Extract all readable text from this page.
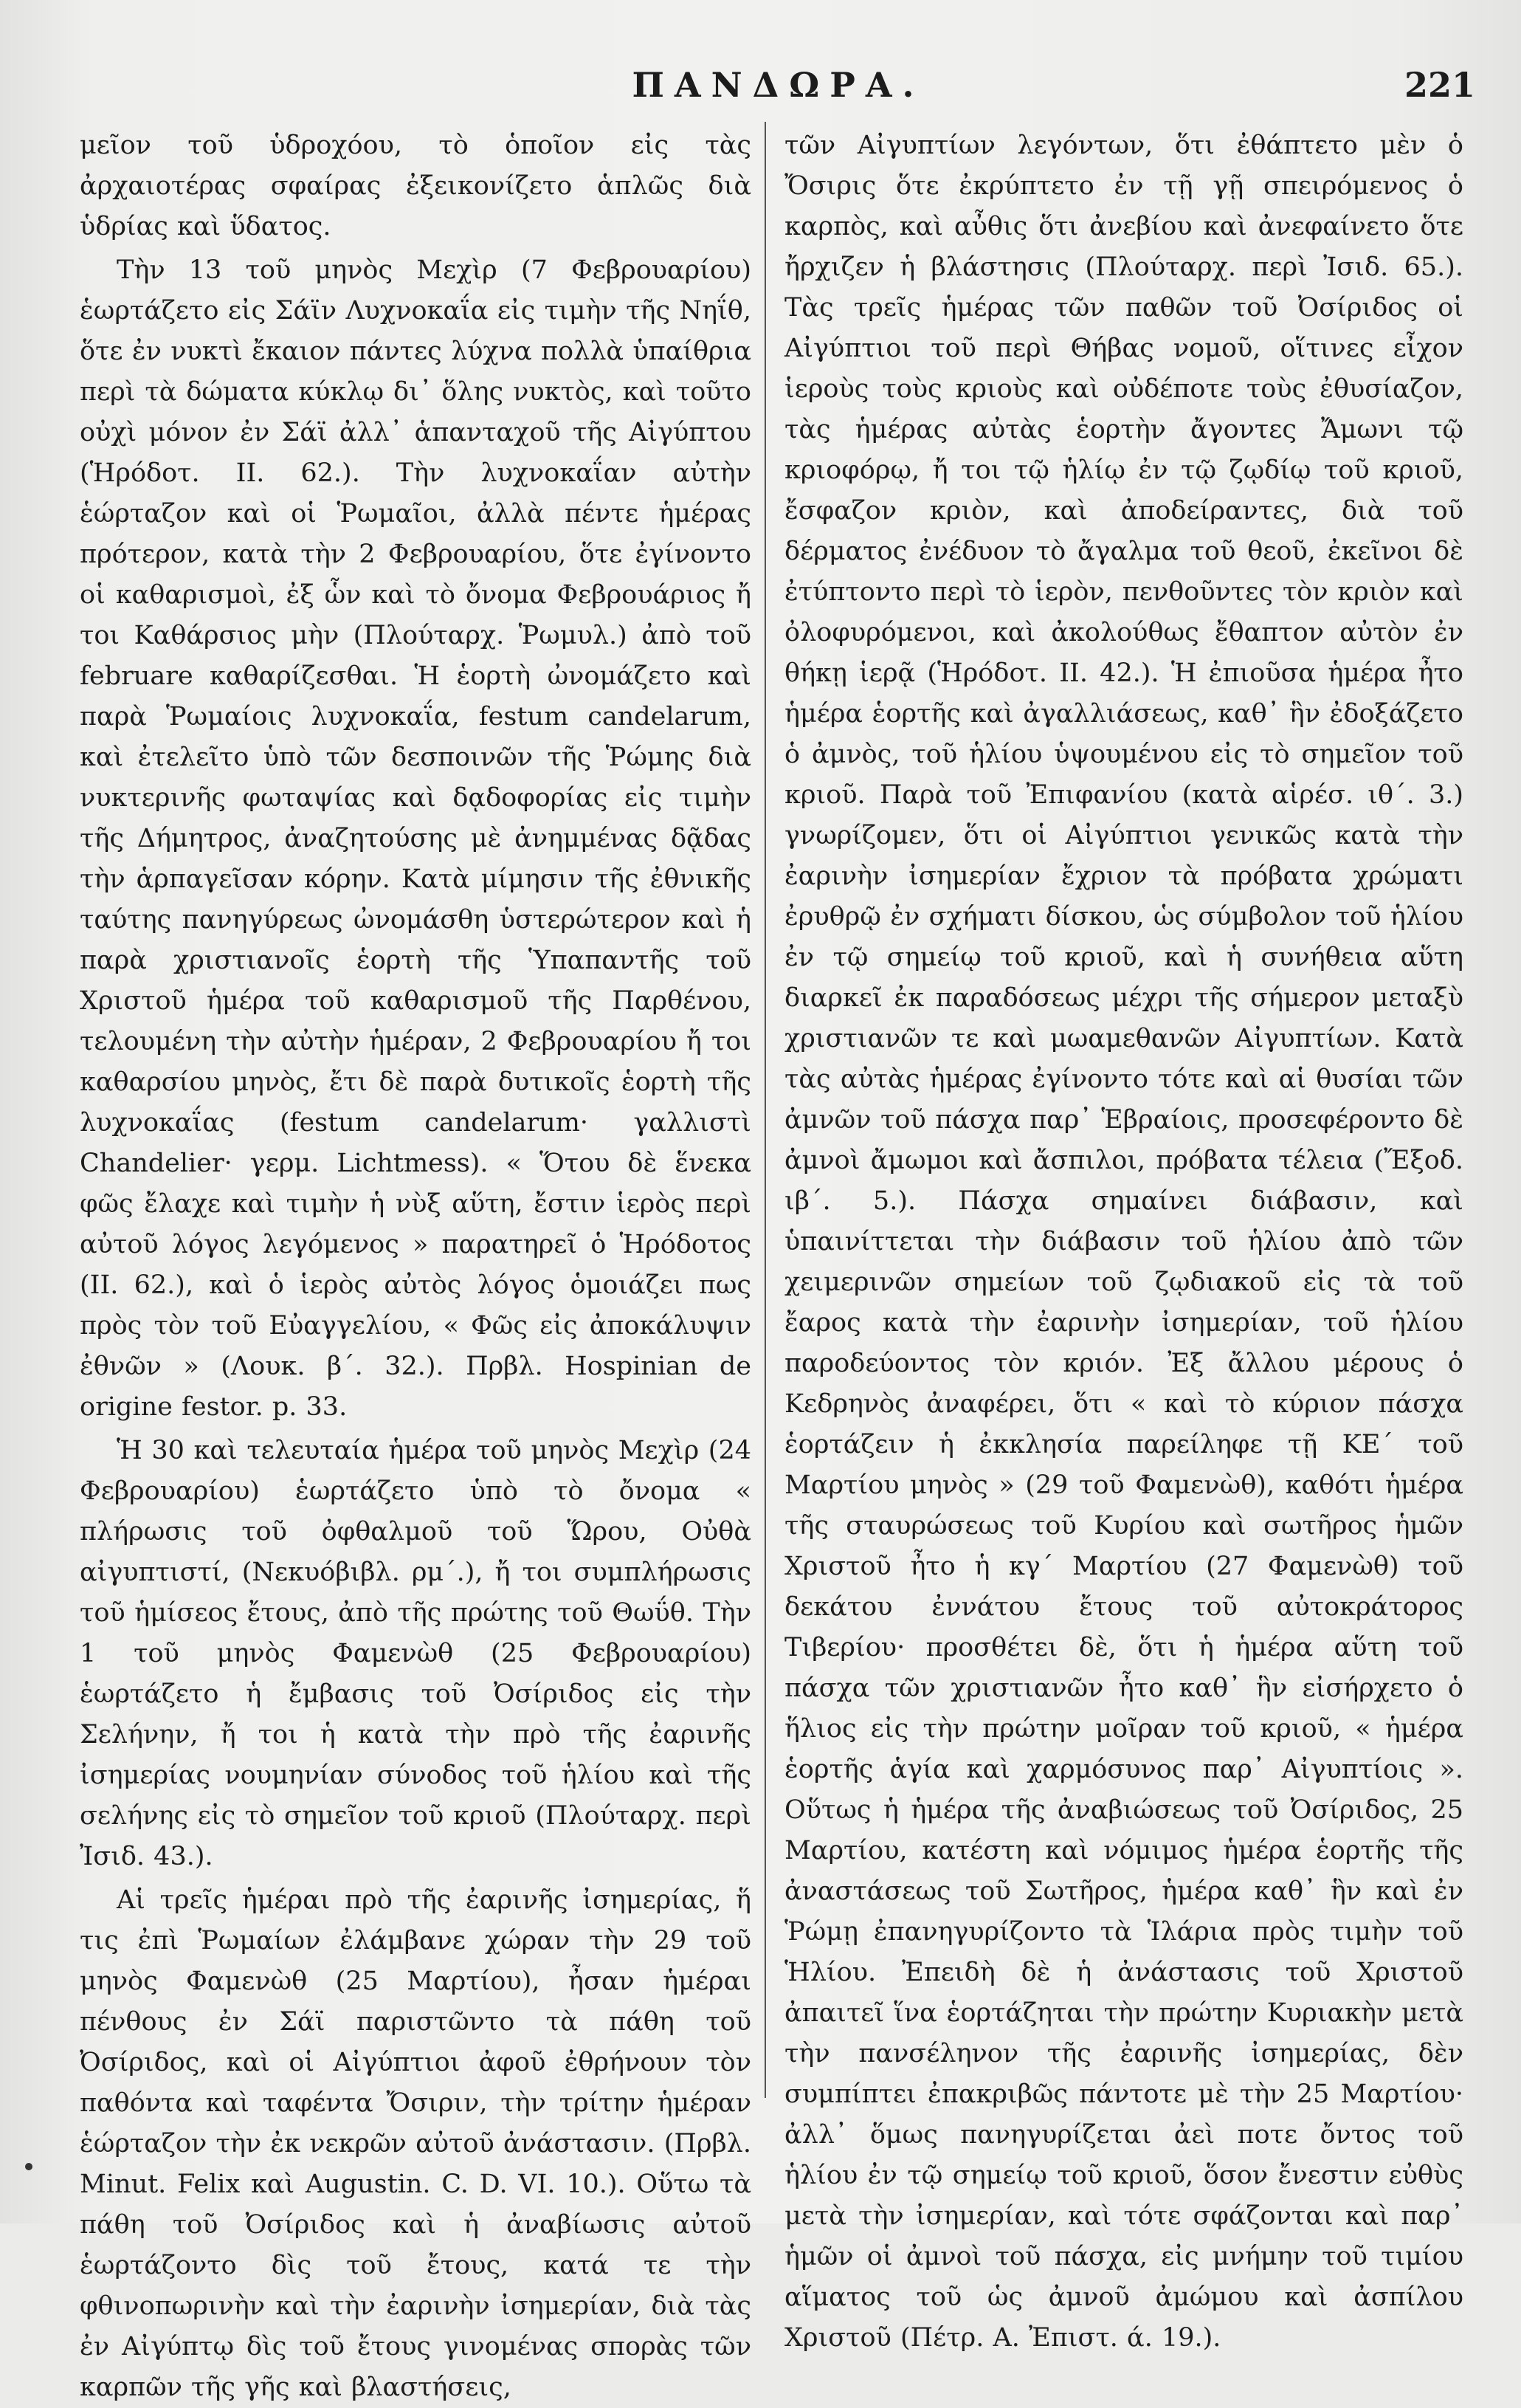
ΠΑΝΔΩΡΑ.	221

μεῖον τοῦ ὑδροχόου, τὸ ὁποῖον εἰς τὰς ἀρχαιοτέρας σφαίρας ἐξεικονίζετο ἁπλῶς διὰ ὑδρίας καὶ ὕδατος.

Τὴν 13 τοῦ μηνὸς Μεχὶρ (7 Φεβρουαρίου) ἑωρτάζετο εἰς Σάϊν Λυχνοκαΐα εἰς τιμὴν τῆς Νηΐθ, ὅτε ἐν νυκτὶ ἔκαιον πάντες λύχνα πολλὰ ὑπαίθρια περὶ τὰ δώματα κύκλῳ δι᾽ ὅλης νυκτὸς, καὶ τοῦτο οὐχὶ μόνον ἐν Σάϊ ἀλλ᾽ ἁπανταχοῦ τῆς Αἰγύπτου (Ἡρόδοτ. II. 62.). Τὴν λυχνοκαΐαν αὐτὴν ἑώρταζον καὶ οἱ Ῥωμαῖοι, ἀλλὰ πέντε ἡμέρας πρότερον, κατὰ τὴν 2 Φεβρουαρίου, ὅτε ἐγίνοντο οἱ καθαρισμοὶ, ἐξ ὧν καὶ τὸ ὄνομα Φεβρουάριος ἤ τοι Καθάρσιος μὴν (Πλούταρχ. Ῥωμυλ.) ἀπὸ τοῦ februare καθαρίζεσθαι. Ἡ ἑορτὴ ὠνομάζετο καὶ παρὰ Ῥωμαίοις λυχνοκαΐα, festum candelarum, καὶ ἐτελεῖτο ὑπὸ τῶν δεσποινῶν τῆς Ῥώμης διὰ νυκτερινῆς φωταψίας καὶ δᾳδοφορίας εἰς τιμὴν τῆς Δήμητρος, ἀναζητούσης μὲ ἀνημμένας δᾷδας τὴν ἁρπαγεῖσαν κόρην. Κατὰ μίμησιν τῆς ἐθνικῆς ταύτης πανηγύρεως ὠνομάσθη ὑστερώτερον καὶ ἡ παρὰ χριστιανοῖς ἑορτὴ τῆς Ὑπαπαντῆς τοῦ Χριστοῦ ἡμέρα τοῦ καθαρισμοῦ τῆς Παρθένου, τελουμένη τὴν αὐτὴν ἡμέραν, 2 Φεβρουαρίου ἤ τοι καθαρσίου μηνὸς, ἔτι δὲ παρὰ δυτικοῖς ἑορτὴ τῆς λυχνοκαΐας (festum candelarum· γαλλιστὶ Chandelier· γερμ. Lichtmess). « Ὅτου δὲ ἕνεκα φῶς ἔλαχε καὶ τιμὴν ἡ νὺξ αὕτη, ἔστιν ἱερὸς περὶ αὐτοῦ λόγος λεγόμενος » παρατηρεῖ ὁ Ἡρόδοτος (II. 62.), καὶ ὁ ἱερὸς αὐτὸς λόγος ὁμοιάζει πως πρὸς τὸν τοῦ Εὐαγγελίου, « Φῶς εἰς ἀποκάλυψιν ἐθνῶν » (Λουκ. β΄. 32.). Πρβλ. Hospinian de origine festor. p. 33.

Ἡ 30 καὶ τελευταία ἡμέρα τοῦ μηνὸς Μεχὶρ (24 Φεβρουαρίου) ἑωρτάζετο ὑπὸ τὸ ὄνομα « πλήρωσις τοῦ ὀφθαλμοῦ τοῦ Ὥρου, Οὐθὰ αἰγυπτιστί, (Νεκυόβιβλ. ρμ΄.), ἤ τοι συμπλήρωσις τοῦ ἡμίσεος ἔτους, ἀπὸ τῆς πρώτης τοῦ Θωΰθ. Τὴν 1 τοῦ μηνὸς Φαμενὼθ (25 Φεβρουαρίου) ἑωρτάζετο ἡ ἔμβασις τοῦ Ὀσίριδος εἰς τὴν Σελήνην, ἤ τοι ἡ κατὰ τὴν πρὸ τῆς ἐαρινῆς ἰσημερίας νουμηνίαν σύνοδος τοῦ ἡλίου καὶ τῆς σελήνης εἰς τὸ σημεῖον τοῦ κριοῦ (Πλούταρχ. περὶ Ἰσιδ. 43.).

Αἱ τρεῖς ἡμέραι πρὸ τῆς ἐαρινῆς ἰσημερίας, ἥ τις ἐπὶ Ῥωμαίων ἐλάμβανε χώραν τὴν 29 τοῦ μηνὸς Φαμενὼθ (25 Μαρτίου), ἦσαν ἡμέραι πένθους ἐν Σάϊ παριστῶντο τὰ πάθη τοῦ Ὀσίριδος, καὶ οἱ Αἰγύπτιοι ἀφοῦ ἐθρήνουν τὸν παθόντα καὶ ταφέντα Ὄσιριν, τὴν τρίτην ἡμέραν ἑώρταζον τὴν ἐκ νεκρῶν αὐτοῦ ἀνάστασιν. (Πρβλ. Minut. Felix καὶ Augustin. C. D. VI. 10.). Οὕτω τὰ πάθη τοῦ Ὀσίριδος καὶ ἡ ἀναβίωσις αὐτοῦ ἑωρτάζοντο δὶς τοῦ ἔτους, κατά τε τὴν φθινοπωρινὴν καὶ τὴν ἐαρινὴν ἰσημερίαν, διὰ τὰς ἐν Αἰγύπτῳ δὶς τοῦ ἔτους γινομένας σπορὰς τῶν καρπῶν τῆς γῆς καὶ βλαστήσεις,

τῶν Αἰγυπτίων λεγόντων, ὅτι ἐθάπτετο μὲν ὁ Ὄσιρις ὅτε ἐκρύπτετο ἐν τῇ γῇ σπειρόμενος ὁ καρπὸς, καὶ αὖθις ὅτι ἀνεβίου καὶ ἀνεφαίνετο ὅτε ἤρχιζεν ἡ βλάστησις (Πλούταρχ. περὶ Ἰσιδ. 65.). Τὰς τρεῖς ἡμέρας τῶν παθῶν τοῦ Ὀσίριδος οἱ Αἰγύπτιοι τοῦ περὶ Θήβας νομοῦ, οἵτινες εἶχον ἱεροὺς τοὺς κριοὺς καὶ οὐδέποτε τοὺς ἐθυσίαζον, τὰς ἡμέρας αὐτὰς ἑορτὴν ἄγοντες Ἄμωνι τῷ κριοφόρῳ, ἤ τοι τῷ ἡλίῳ ἐν τῷ ζῳδίῳ τοῦ κριοῦ, ἔσφαζον κριὸν, καὶ ἀποδείραντες, διὰ τοῦ δέρματος ἐνέδυον τὸ ἄγαλμα τοῦ θεοῦ, ἐκεῖνοι δὲ ἐτύπτοντο περὶ τὸ ἱερὸν, πενθοῦντες τὸν κριὸν καὶ ὀλοφυρόμενοι, καὶ ἀκολούθως ἔθαπτον αὐτὸν ἐν θήκῃ ἱερᾷ (Ἡρόδοτ. II. 42.). Ἡ ἐπιοῦσα ἡμέρα ἦτο ἡμέρα ἑορτῆς καὶ ἀγαλλιάσεως, καθ᾽ ἣν ἐδοξάζετο ὁ ἀμνὸς, τοῦ ἡλίου ὑψουμένου εἰς τὸ σημεῖον τοῦ κριοῦ. Παρὰ τοῦ Ἐπιφανίου (κατὰ αἱρέσ. ιθ΄. 3.) γνωρίζομεν, ὅτι οἱ Αἰγύπτιοι γενικῶς κατὰ τὴν ἐαρινὴν ἰσημερίαν ἔχριον τὰ πρόβατα χρώματι ἐρυθρῷ ἐν σχήματι δίσκου, ὡς σύμβολον τοῦ ἡλίου ἐν τῷ σημείῳ τοῦ κριοῦ, καὶ ἡ συνήθεια αὕτη διαρκεῖ ἐκ παραδόσεως μέχρι τῆς σήμερον μεταξὺ χριστιανῶν τε καὶ μωαμεθανῶν Αἰγυπτίων. Κατὰ τὰς αὐτὰς ἡμέρας ἐγίνοντο τότε καὶ αἱ θυσίαι τῶν ἀμνῶν τοῦ πάσχα παρ᾽ Ἑβραίοις, προσεφέροντο δὲ ἀμνοὶ ἄμωμοι καὶ ἄσπιλοι, πρόβατα τέλεια (Ἔξοδ. ιβ΄. 5.). Πάσχα σημαίνει διάβασιν, καὶ ὑπαινίττεται τὴν διάβασιν τοῦ ἡλίου ἀπὸ τῶν χειμερινῶν σημείων τοῦ ζῳδιακοῦ εἰς τὰ τοῦ ἔαρος κατὰ τὴν ἐαρινὴν ἰσημερίαν, τοῦ ἡλίου παροδεύοντος τὸν κριόν. Ἐξ ἄλλου μέρους ὁ Κεδρηνὸς ἀναφέρει, ὅτι « καὶ τὸ κύριον πάσχα ἑορτάζειν ἡ ἐκκλησία παρείληφε τῇ ΚΕ΄ τοῦ Μαρτίου μηνὸς » (29 τοῦ Φαμενὼθ), καθότι ἡμέρα τῆς σταυρώσεως τοῦ Κυρίου καὶ σωτῆρος ἡμῶν Χριστοῦ ἦτο ἡ κγ΄ Μαρτίου (27 Φαμενὼθ) τοῦ δεκάτου ἐννάτου ἔτους τοῦ αὐτοκράτορος Τιβερίου· προσθέτει δὲ, ὅτι ἡ ἡμέρα αὕτη τοῦ πάσχα τῶν χριστιανῶν ἦτο καθ᾽ ἣν εἰσήρχετο ὁ ἥλιος εἰς τὴν πρώτην μοῖραν τοῦ κριοῦ, « ἡμέρα ἑορτῆς ἁγία καὶ χαρμόσυνος παρ᾽ Αἰγυπτίοις ». Οὕτως ἡ ἡμέρα τῆς ἀναβιώσεως τοῦ Ὀσίριδος, 25 Μαρτίου, κατέστη καὶ νόμιμος ἡμέρα ἑορτῆς τῆς ἀναστάσεως τοῦ Σωτῆρος, ἡμέρα καθ᾽ ἣν καὶ ἐν Ῥώμῃ ἐπανηγυρίζοντο τὰ Ἱλάρια πρὸς τιμὴν τοῦ Ἡλίου. Ἐπειδὴ δὲ ἡ ἀνάστασις τοῦ Χριστοῦ ἀπαιτεῖ ἵνα ἑορτάζηται τὴν πρώτην Κυριακὴν μετὰ τὴν πανσέληνον τῆς ἐαρινῆς ἰσημερίας, δὲν συμπίπτει ἐπακριβῶς πάντοτε μὲ τὴν 25 Μαρτίου· ἀλλ᾽ ὅμως πανηγυρίζεται ἀεὶ ποτε ὄντος τοῦ ἡλίου ἐν τῷ σημείῳ τοῦ κριοῦ, ὅσον ἔνεστιν εὐθὺς μετὰ τὴν ἰσημερίαν, καὶ τότε σφάζονται καὶ παρ᾽ ἡμῶν οἱ ἀμνοὶ τοῦ πάσχα, εἰς μνήμην τοῦ τιμίου αἵματος τοῦ ὡς ἀμνοῦ ἀμώμου καὶ ἀσπίλου Χριστοῦ (Πέτρ. Α. Ἐπιστ. ά. 19.).
